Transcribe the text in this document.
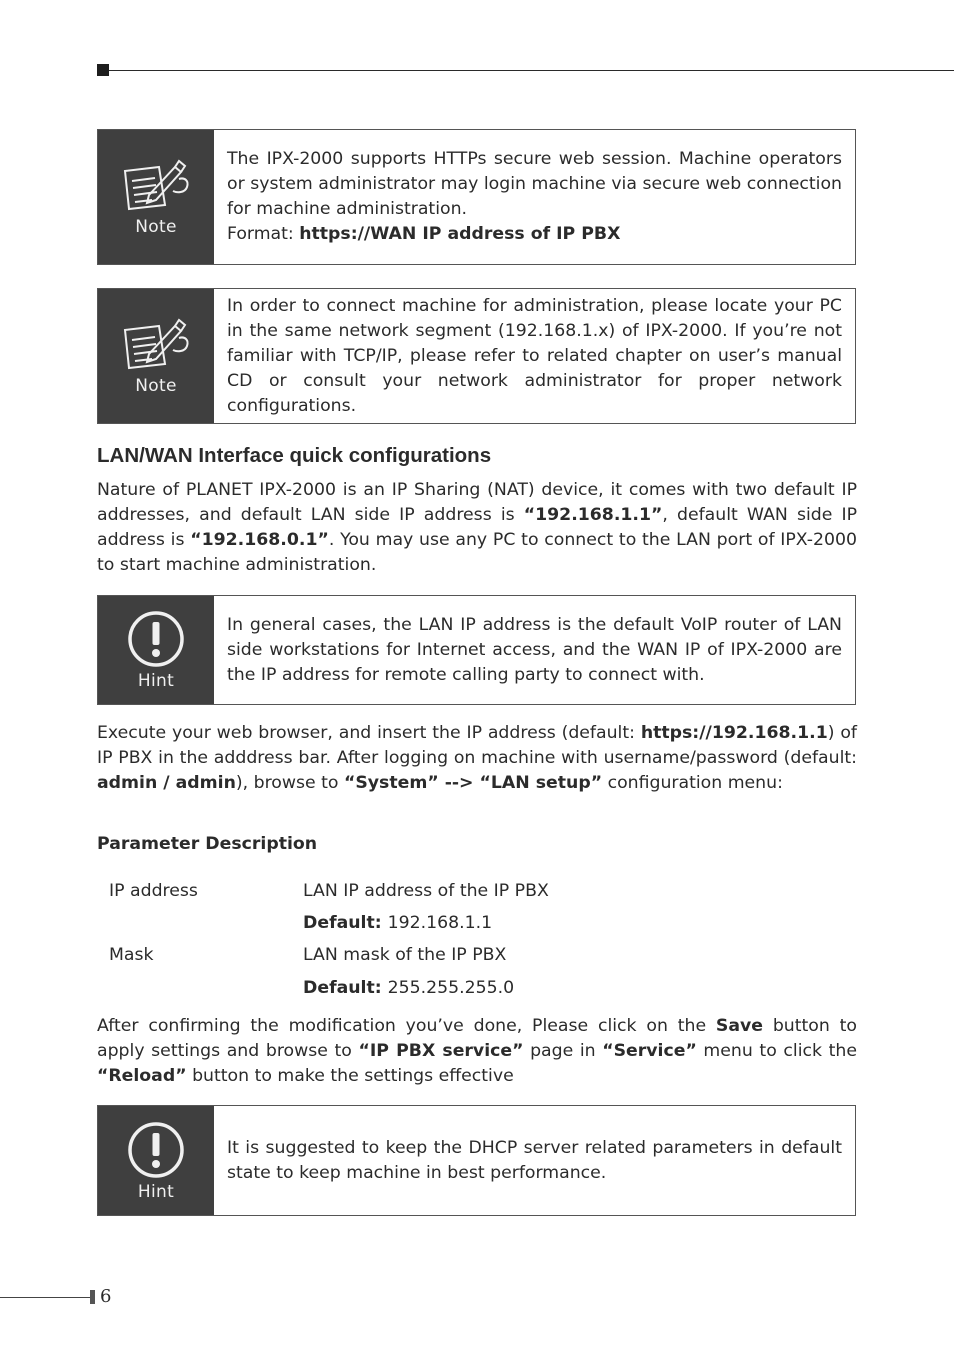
Note

The IPX-2000 supports HTTPs secure web session. Machine operators or system administrator may login machine via secure web connection for machine administration.

Format: https://WAN IP address of IP PBX

Note

In order to connect machine for administration, please locate your PC in the same network segment (192.168.1.x) of IPX-2000. If you’re not familiar with TCP/IP, please refer to related chapter on user’s manual CD or consult your network administrator for proper network configurations.

LAN/WAN Interface quick configurations

Nature of PLANET IPX-2000 is an IP Sharing (NAT) device, it comes with two default IP addresses, and default LAN side IP address is “192.168.1.1”, default WAN side IP address is “192.168.0.1”. You may use any PC to connect to the LAN port of IPX-2000 to start machine administration.

Hint

In general cases, the LAN IP address is the default VoIP router of LAN side workstations for Internet access, and the WAN IP of IPX-2000 are the IP address for remote calling party to connect with.

Execute your web browser, and insert the IP address (default: https://192.168.1.1) of IP PBX in the adddress bar. After logging on machine with username/password (default: admin / admin), browse to “System” --> “LAN setup” configuration menu:

Parameter Description
IP address	LAN IP address of the IP PBX
Default: 192.168.1.1
Mask	LAN mask of the IP PBX
Default: 255.255.255.0

After confirming the modification you’ve done, Please click on the Save button to apply settings and browse to “IP PBX service” page in “Service” menu to click the “Reload” button to make the settings effective

Hint

It is suggested to keep the DHCP server related parameters in default state to keep machine in best performance.

6
